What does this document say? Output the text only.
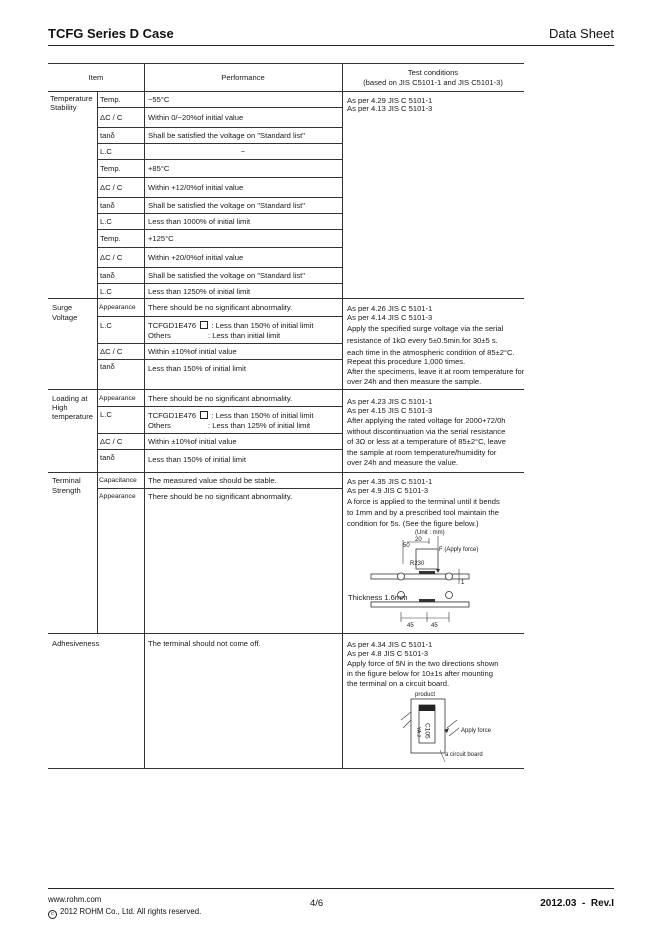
TCFG Series D Case	Data Sheet
Item	Performance
Test conditions
(based on JIS C5101-1 and JIS C5101-3)
Temperature
Stability
Temp.	−55°C
ΔC / C	Within 0/−20%of initial value
tanδ	Shall be satisfied the voltage on "Standard list"
L.C	−
Temp.	+85°C
ΔC / C	Within +12/0%of initial value
tanδ	Shall be satisfied the voltage on "Standard list"
L.C	Less than 1000% of initial limit
Temp.	+125°C
ΔC / C	Within +20/0%of initial value
tanδ	Shall be satisfied the voltage on "Standard list"
L.C	Less than 1250% of initial limit
As per 4.29 JIS C 5101-1
As per 4.13 JIS C 5101-3
Surge
Voltage
Appearance There should be no significant abnormality.
L.C	TCFGD1E476 : Less than 150% of initial limit
Others	: Less than initial limit
ΔC / C	Within ±10%of initial value
tanδ	Less than 150% of initial limit
As per 4.26 JIS C 5101-1
As per 4.14 JIS C 5101-3
Apply the specified surge voltage via the serial
resistance of 1kΩ every 5±0.5min.for 30±5 s.
each time in the atmospheric condition of 85±2°C.
Repeat this procedure 1,000 times.
After the specimens, leave it at room temperature for
over 24h and then measure the sample.
Loading at
High
temperature
Appearance There should be no significant abnormality.
L.C	TCFGD1E476 : Less than 150% of initial limit
Others	: Less than 125% of initial limit
ΔC / C	Within ±10%of initial value
tanδ	Less than 150% of initial limit
As per 4.23 JIS C 5101-1
As per 4.15 JIS C 5101-3
After applying the rated voltage for 2000+72/0h
without discontinuation via the serial resistance
of 3Ω or less at a temperature of 85±2°C, leave
the sample at room temperature/humidity for
over 24h and measure the value.
Terminal
Strength
Capacitance The measured value should be stable.
Appearance There should be no significant abnormality.
As per 4.35 JIS C 5101-1
As per 4.9 JIS C 5101-3
A force is applied to the terminal until it bends
to 1mm and by a prescribed tool maintain the
condition for 5s. (See the figure below.)
(Unit : mm)
20
50
F (Apply force)
R230
1
Thickness 1.6mm
45	45
Adhesiveness	The terminal should not come off.	As per 4.34 JIS C 5101-1
As per 4.8 JIS C 5101-3
Apply force of 5N in the two directions shown
in the figure below for 10±1s after mounting
the terminal on a circuit board.
product
C105
YA J	Apply force
a circuit board
www.rohm.com
c 2012 ROHM Co., Ltd. All rights reserved.
4/6	2012.03  -  Rev.I
